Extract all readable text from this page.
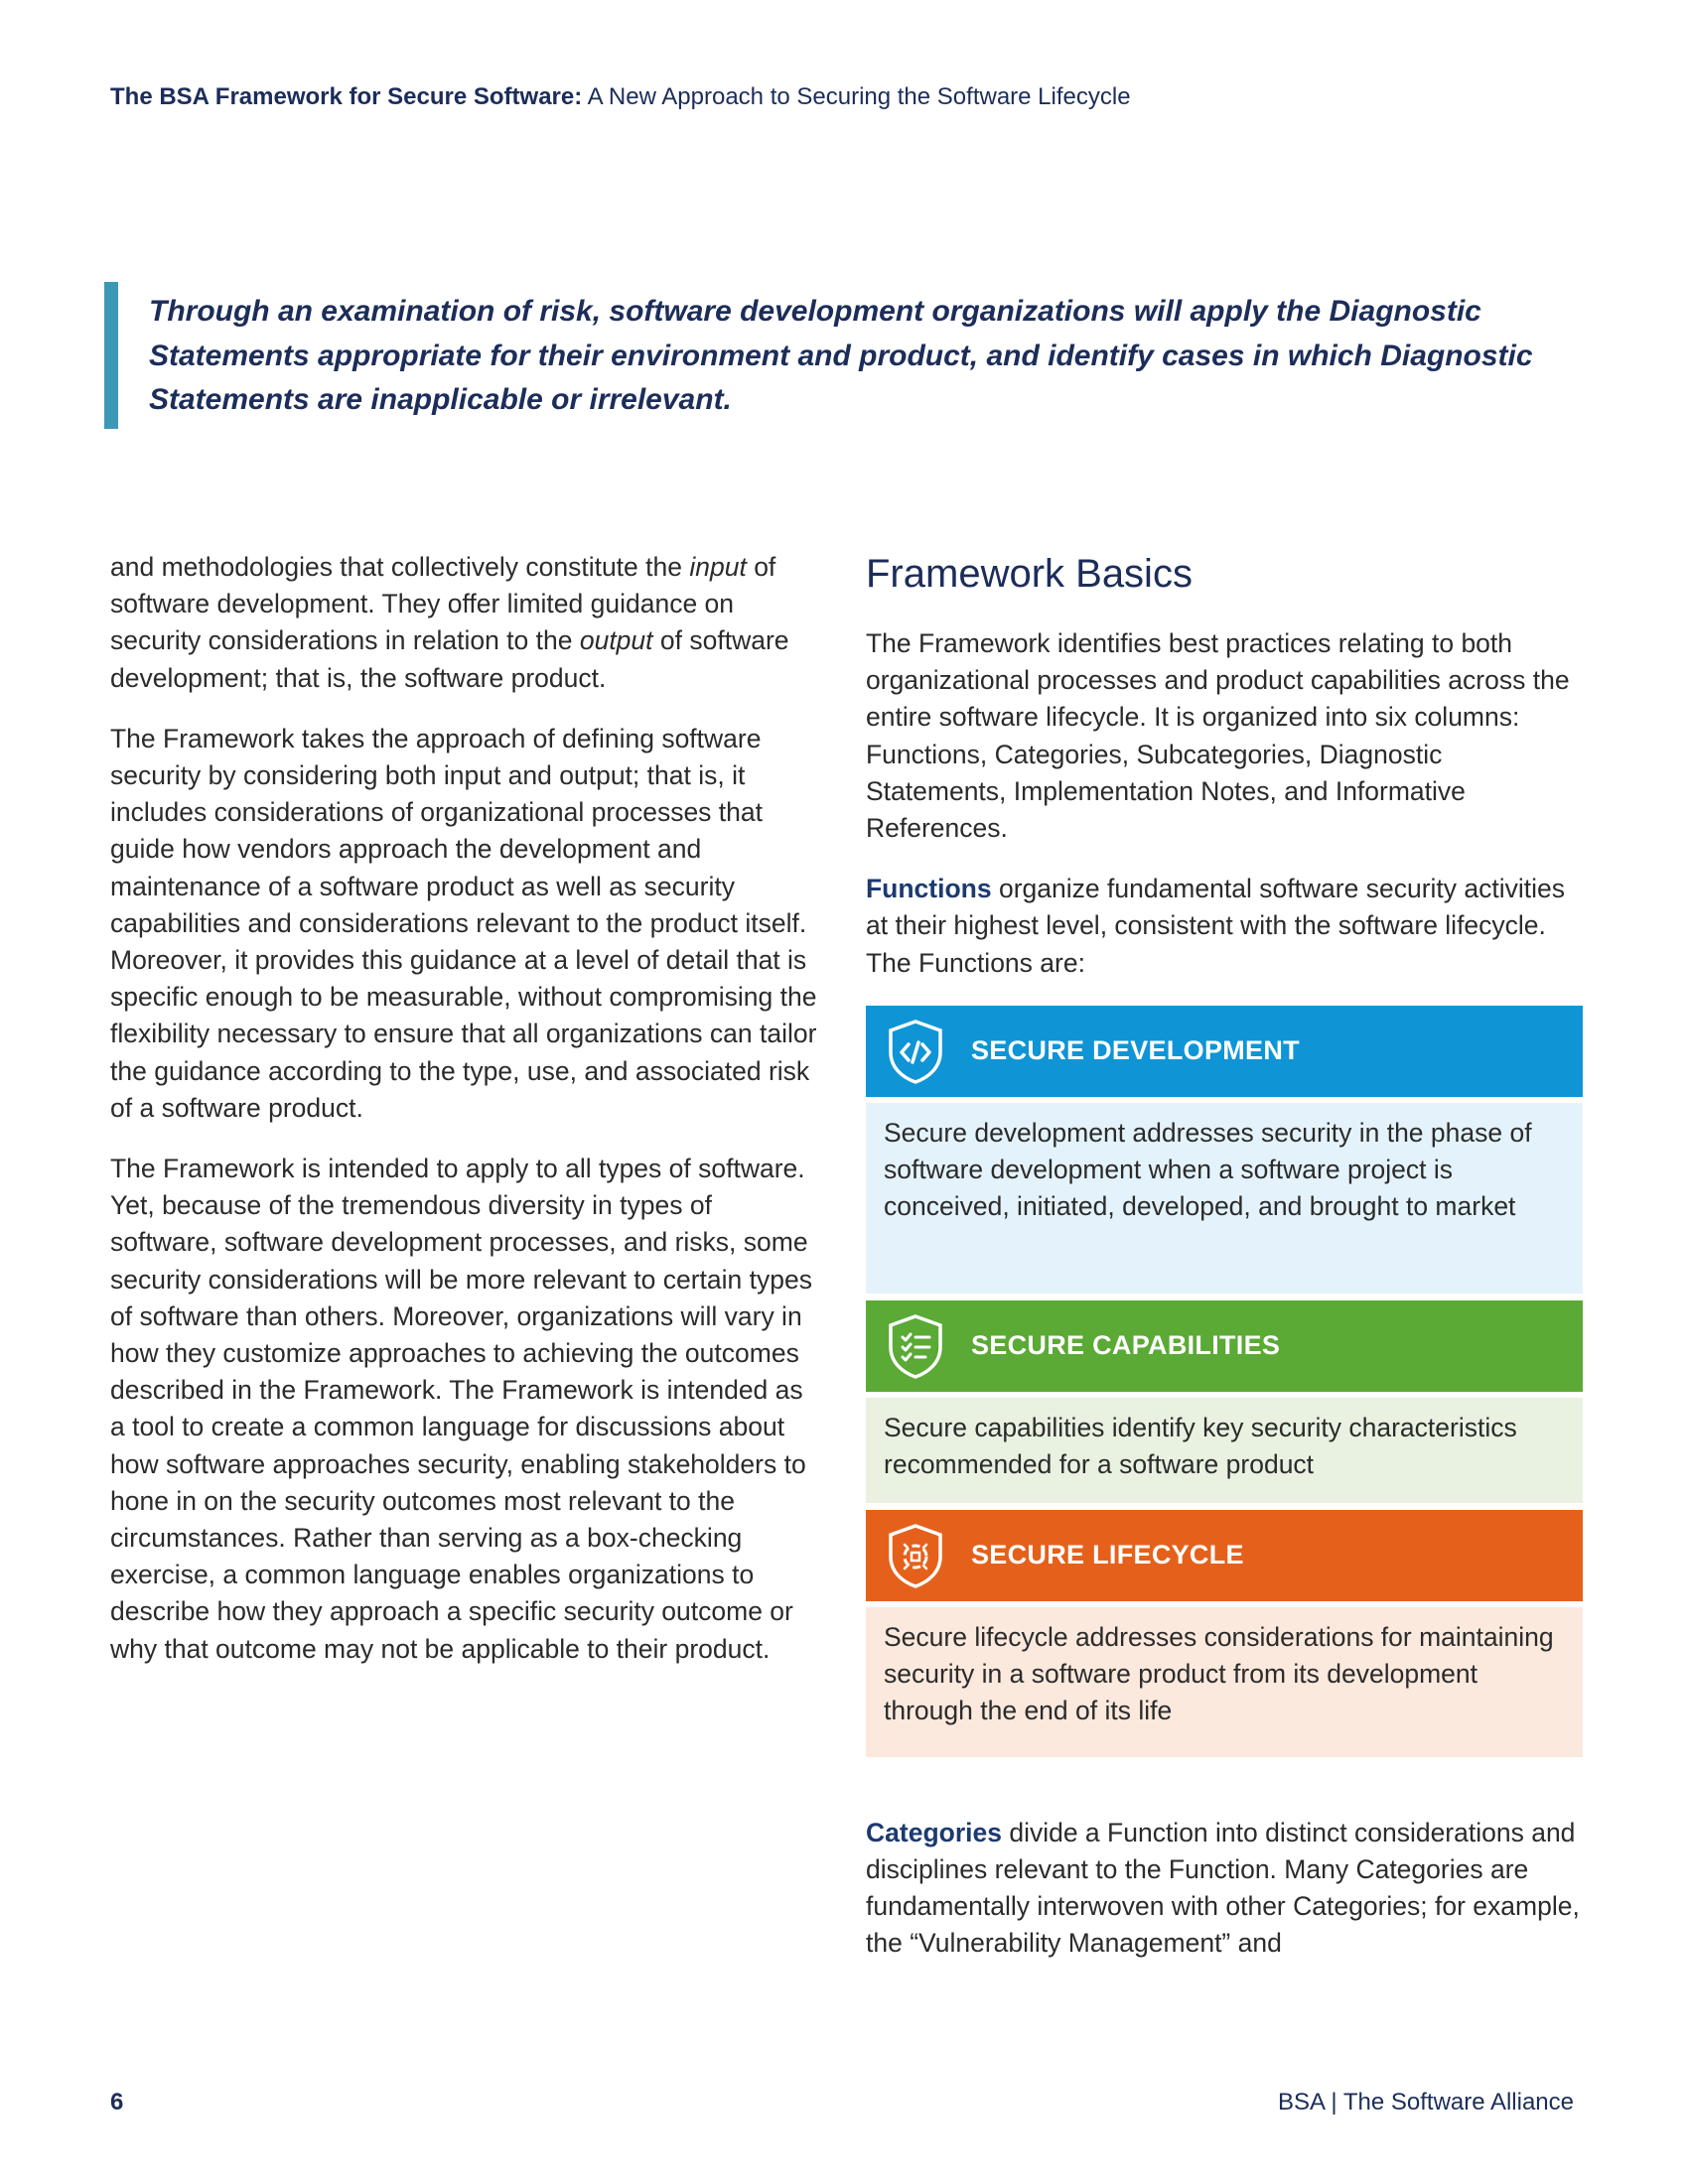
The BSA Framework for Secure Software: A New Approach to Securing the Software Lifecycle

Through an examination of risk, software development organizations will apply the Diagnostic Statements appropriate for their environment and product, and identify cases in which Diagnostic Statements are inapplicable or irrelevant.

and methodologies that collectively constitute the input of software development. They offer limited guidance on security considerations in relation to the output of software development; that is, the software product.

The Framework takes the approach of defining software security by considering both input and output; that is, it includes considerations of organizational processes that guide how vendors approach the development and maintenance of a software product as well as security capabilities and considerations relevant to the product itself. Moreover, it provides this guidance at a level of detail that is specific enough to be measurable, without compromising the flexibility necessary to ensure that all organizations can tailor the guidance according to the type, use, and associated risk of a software product.

The Framework is intended to apply to all types of software. Yet, because of the tremendous diversity in types of software, software development processes, and risks, some security considerations will be more relevant to certain types of software than others. Moreover, organizations will vary in how they customize approaches to achieving the outcomes described in the Framework. The Framework is intended as a tool to create a common language for discussions about how software approaches security, enabling stakeholders to hone in on the security outcomes most relevant to the circumstances. Rather than serving as a box-checking exercise, a common language enables organizations to describe how they approach a specific security outcome or why that outcome may not be applicable to their product.

Framework Basics

The Framework identifies best practices relating to both organizational processes and product capabilities across the entire software lifecycle. It is organized into six columns: Functions, Categories, Subcategories, Diagnostic Statements, Implementation Notes, and Informative References.

Functions organize fundamental software security activities at their highest level, consistent with the software lifecycle. The Functions are:

SECURE DEVELOPMENT
Secure development addresses security in the phase of software development when a software project is conceived, initiated, developed, and brought to market
SECURE CAPABILITIES
Secure capabilities identify key security characteristics recommended for a software product
SECURE LIFECYCLE
Secure lifecycle addresses considerations for maintaining security in a software product from its development through the end of its life

Categories divide a Function into distinct considerations and disciplines relevant to the Function. Many Categories are fundamentally interwoven with other Categories; for example, the “Vulnerability Management” and

6	BSA | The Software Alliance
